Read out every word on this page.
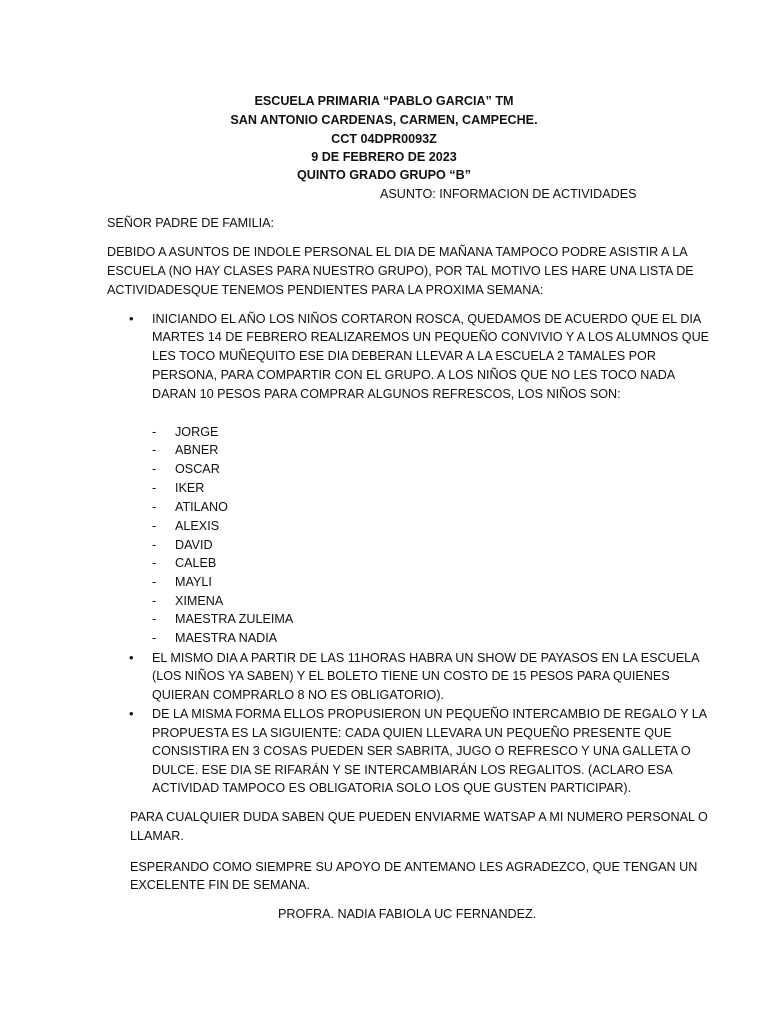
ESCUELA PRIMARIA “PABLO GARCIA” TM
SAN ANTONIO CARDENAS, CARMEN, CAMPECHE.
CCT 04DPR0093Z
9 DE FEBRERO DE 2023
QUINTO GRADO GRUPO “B”
ASUNTO: INFORMACION DE ACTIVIDADES
SEÑOR PADRE DE FAMILIA:
DEBIDO A ASUNTOS DE INDOLE PERSONAL EL DIA DE MAÑANA TAMPOCO PODRE ASISTIR A LA
ESCUELA (NO HAY CLASES PARA NUESTRO GRUPO), POR TAL MOTIVO LES HARE UNA LISTA DE
ACTIVIDADESQUE TENEMOS PENDIENTES PARA LA PROXIMA SEMANA:
• INICIANDO EL AÑO LOS NIÑOS CORTARON ROSCA, QUEDAMOS DE ACUERDO QUE EL DIA
MARTES 14 DE FEBRERO REALIZAREMOS UN PEQUEÑO CONVIVIO Y A LOS ALUMNOS QUE
LES TOCO MUÑEQUITO ESE DIA DEBERAN LLEVAR A LA ESCUELA 2 TAMALES POR
PERSONA, PARA COMPARTIR CON EL GRUPO. A LOS NIÑOS QUE NO LES TOCO NADA
DARAN 10 PESOS PARA COMPRAR ALGUNOS REFRESCOS, LOS NIÑOS SON:
- JORGE
- ABNER
- OSCAR
- IKER
- ATILANO
- ALEXIS
- DAVID
- CALEB
- MAYLI
- XIMENA
- MAESTRA ZULEIMA
- MAESTRA NADIA
• EL MISMO DIA A PARTIR DE LAS 11HORAS HABRA UN SHOW DE PAYASOS EN LA ESCUELA
(LOS NIÑOS YA SABEN) Y EL BOLETO TIENE UN COSTO DE 15 PESOS PARA QUIENES
QUIERAN COMPRARLO 8 NO ES OBLIGATORIO).
• DE LA MISMA FORMA ELLOS PROPUSIERON UN PEQUEÑO INTERCAMBIO DE REGALO Y LA
PROPUESTA ES LA SIGUIENTE: CADA QUIEN LLEVARA UN PEQUEÑO PRESENTE QUE
CONSISTIRA EN 3 COSAS PUEDEN SER SABRITA, JUGO O REFRESCO Y UNA GALLETA O
DULCE. ESE DIA SE RIFARÁN Y SE INTERCAMBIARÁN LOS REGALITOS. (ACLARO ESA
ACTIVIDAD TAMPOCO ES OBLIGATORIA SOLO LOS QUE GUSTEN PARTICIPAR).
PARA CUALQUIER DUDA SABEN QUE PUEDEN ENVIARME WATSAP A MI NUMERO PERSONAL O
LLAMAR.
ESPERANDO COMO SIEMPRE SU APOYO DE ANTEMANO LES AGRADEZCO, QUE TENGAN UN
EXCELENTE FIN DE SEMANA.
PROFRA. NADIA FABIOLA UC FERNANDEZ.
